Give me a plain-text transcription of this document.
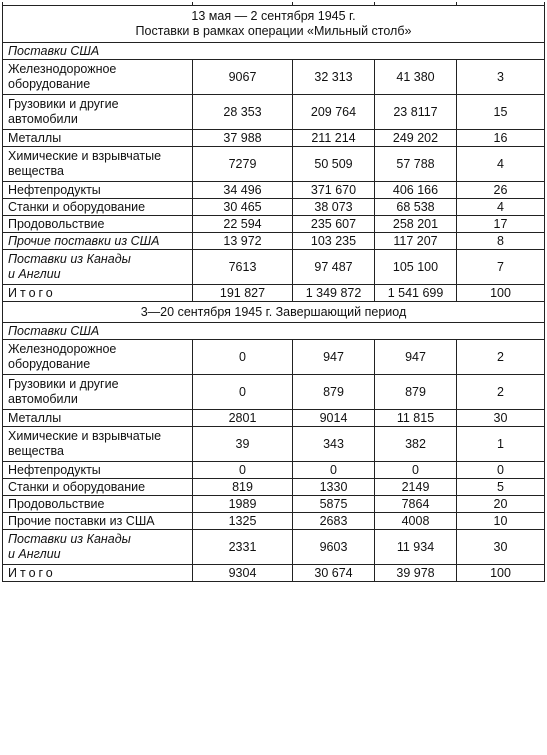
13 мая — 2 сентября 1945 г.
Поставки в рамках операции «Мильный столб»				

Поставки США				

Железнодорожное
оборудование	9067	32 313	41 380	3

Грузовики и другие
автомобили	28 353	209 764	23 8117	15

Металлы	37 988	211 214	249 202	16

Химические и взрывчатые
вещества	7279	50 509	57 788	4

Нефтепродукты	34 496	371 670	406 166	26

Станки и оборудование	30 465	38 073	68 538	4

Продовольствие	22 594	235 607	258 201	17

Прочие поставки из США	13 972	103 235	117 207	8

Поставки из Канады
и Англии	7613	97 487	105 100	7

Итого	191 827	1 349 872	1 541 699	100

3—20 сентября 1945 г. Завершающий период				

Поставки США				

Железнодорожное
оборудование	0	947	947	2

Грузовики и другие
автомобили	0	879	879	2

Металлы	2801	9014	11 815	30

Химические и взрывчатые
вещества	39	343	382	1

Нефтепродукты	0	0	0	0

Станки и оборудование	819	1330	2149	5

Продовольствие	1989	5875	7864	20

Прочие поставки из США	1325	2683	4008	10

Поставки из Канады
и Англии	2331	9603	11 934	30

Итого	9304	30 674	39 978	100
